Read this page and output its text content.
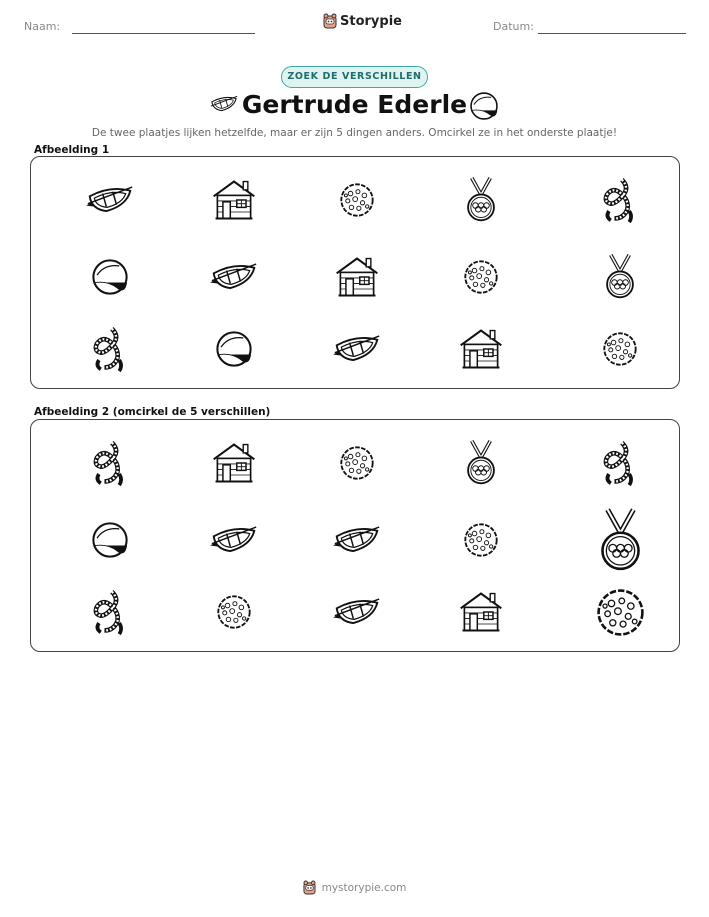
Naam:	Storypie	Datum:
ZOEK DE VERSCHILLEN
Gertrude Ederle
De twee plaatjes lijken hetzelfde, maar er zijn 5 dingen anders. Omcirkel ze in het onderste plaatje!
Afbeelding 1
Afbeelding 2 (omcirkel de 5 verschillen)
mystorypie.com
